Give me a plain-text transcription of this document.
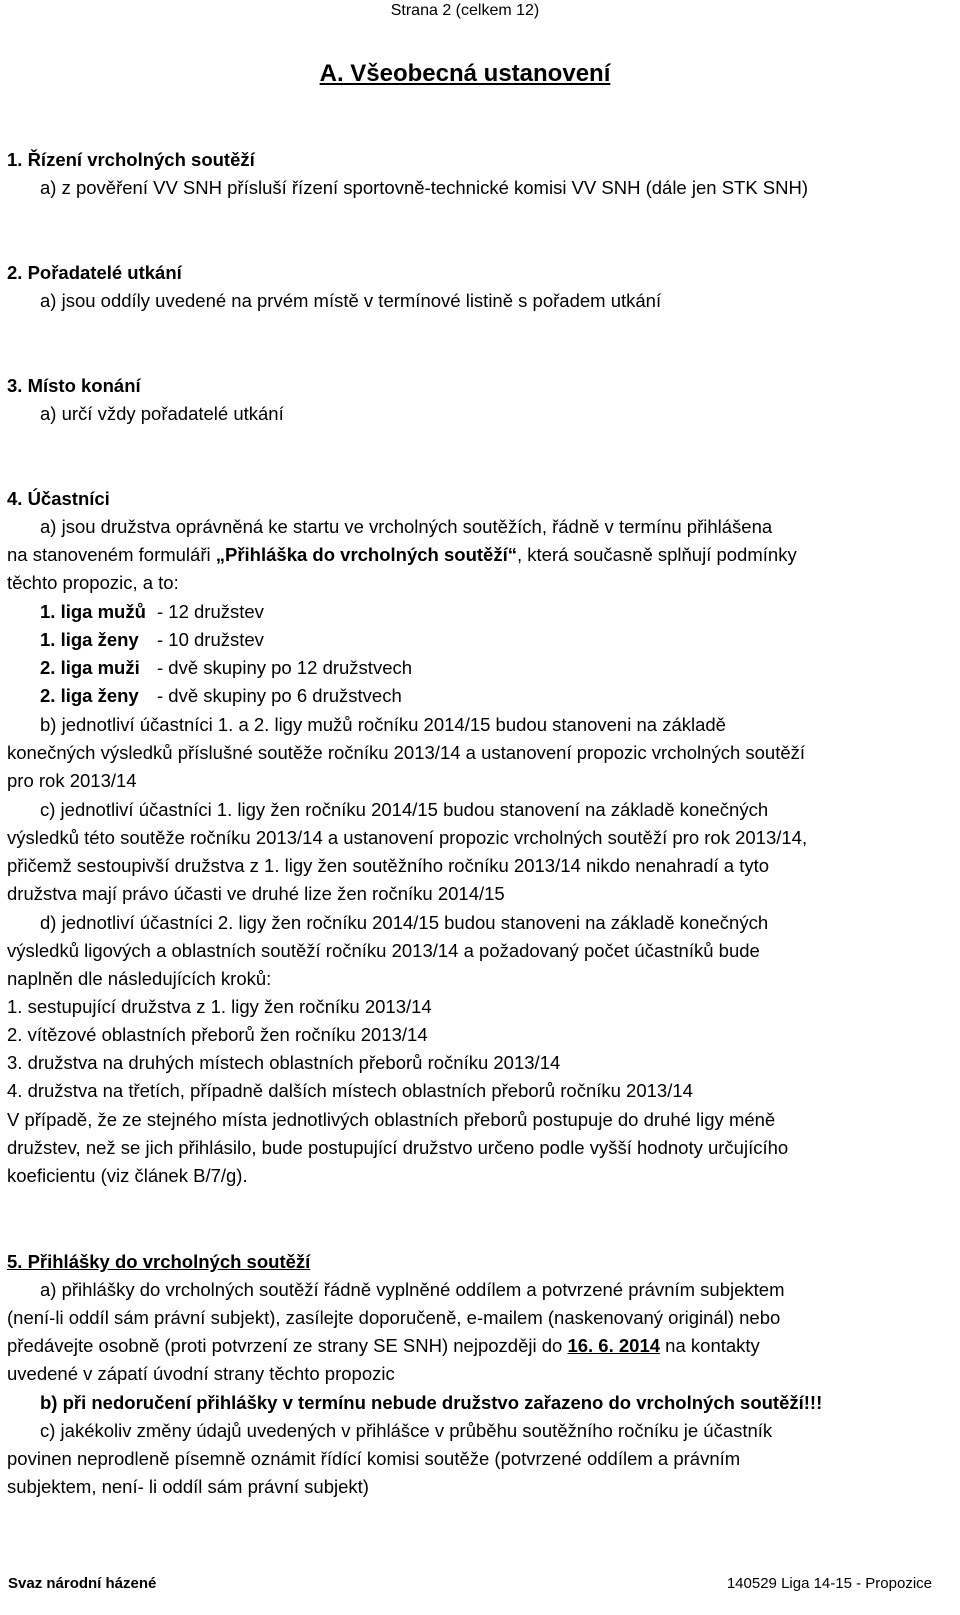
Strana 2 (celkem 12)
A. Všeobecná ustanovení
1. Řízení vrcholných soutěží
a) z pověření VV SNH přísluší řízení sportovně-technické komisi VV SNH (dále jen STK SNH)
2. Pořadatelé utkání
a) jsou oddíly uvedené na prvém místě v termínové listině s pořadem utkání
3. Místo konání
a) určí vždy pořadatelé utkání
4. Účastníci
a) jsou družstva oprávněná ke startu ve vrcholných soutěžích, řádně v termínu přihlášena
na stanoveném formuláři „Přihláška do vrcholných soutěží“, která současně splňují podmínky
těchto propozic, a to:
1. liga mužů - 12 družstev
1. liga ženy - 10 družstev
2. liga muži - dvě skupiny po 12 družstvech
2. liga ženy - dvě skupiny po 6 družstvech
b) jednotliví účastníci 1. a 2. ligy mužů ročníku 2014/15 budou stanoveni na základě
konečných výsledků příslušné soutěže ročníku 2013/14 a ustanovení propozic vrcholných soutěží
pro rok 2013/14
c) jednotliví účastníci 1. ligy žen ročníku 2014/15 budou stanovení na základě konečných
výsledků této soutěže ročníku 2013/14 a ustanovení propozic vrcholných soutěží pro rok 2013/14,
přičemž sestoupivší družstva z 1. ligy žen soutěžního ročníku 2013/14 nikdo nenahradí a tyto
družstva mají právo účasti ve druhé lize žen ročníku 2014/15
d) jednotliví účastníci 2. ligy žen ročníku 2014/15 budou stanoveni na základě konečných
výsledků ligových a oblastních soutěží ročníku 2013/14 a požadovaný počet účastníků bude
naplněn dle následujících kroků:
1. sestupující družstva z 1. ligy žen ročníku 2013/14
2. vítězové oblastních přeborů žen ročníku 2013/14
3. družstva na druhých místech oblastních přeborů ročníku 2013/14
4. družstva na třetích, případně dalších místech oblastních přeborů ročníku 2013/14
V případě, že ze stejného místa jednotlivých oblastních přeborů postupuje do druhé ligy méně
družstev, než se jich přihlásilo, bude postupující družstvo určeno podle vyšší hodnoty určujícího
koeficientu (viz článek B/7/g).
5. Přihlášky do vrcholných soutěží
a) přihlášky do vrcholných soutěží řádně vyplněné oddílem a potvrzené právním subjektem
(není-li oddíl sám právní subjekt), zasílejte doporučeně, e-mailem (naskenovaný originál) nebo
předávejte osobně (proti potvrzení ze strany SE SNH) nejpozději do 16. 6. 2014 na kontakty
uvedené v zápatí úvodní strany těchto propozic
b) při nedoručení přihlášky v termínu nebude družstvo zařazeno do vrcholných soutěží!!!
c) jakékoliv změny údajů uvedených v přihlášce v průběhu soutěžního ročníku je účastník
povinen neprodleně písemně oznámit řídící komisi soutěže (potvrzené oddílem a právním
subjektem, není- li oddíl sám právní subjekt)
Svaz národní házené	140529 Liga 14-15 - Propozice
